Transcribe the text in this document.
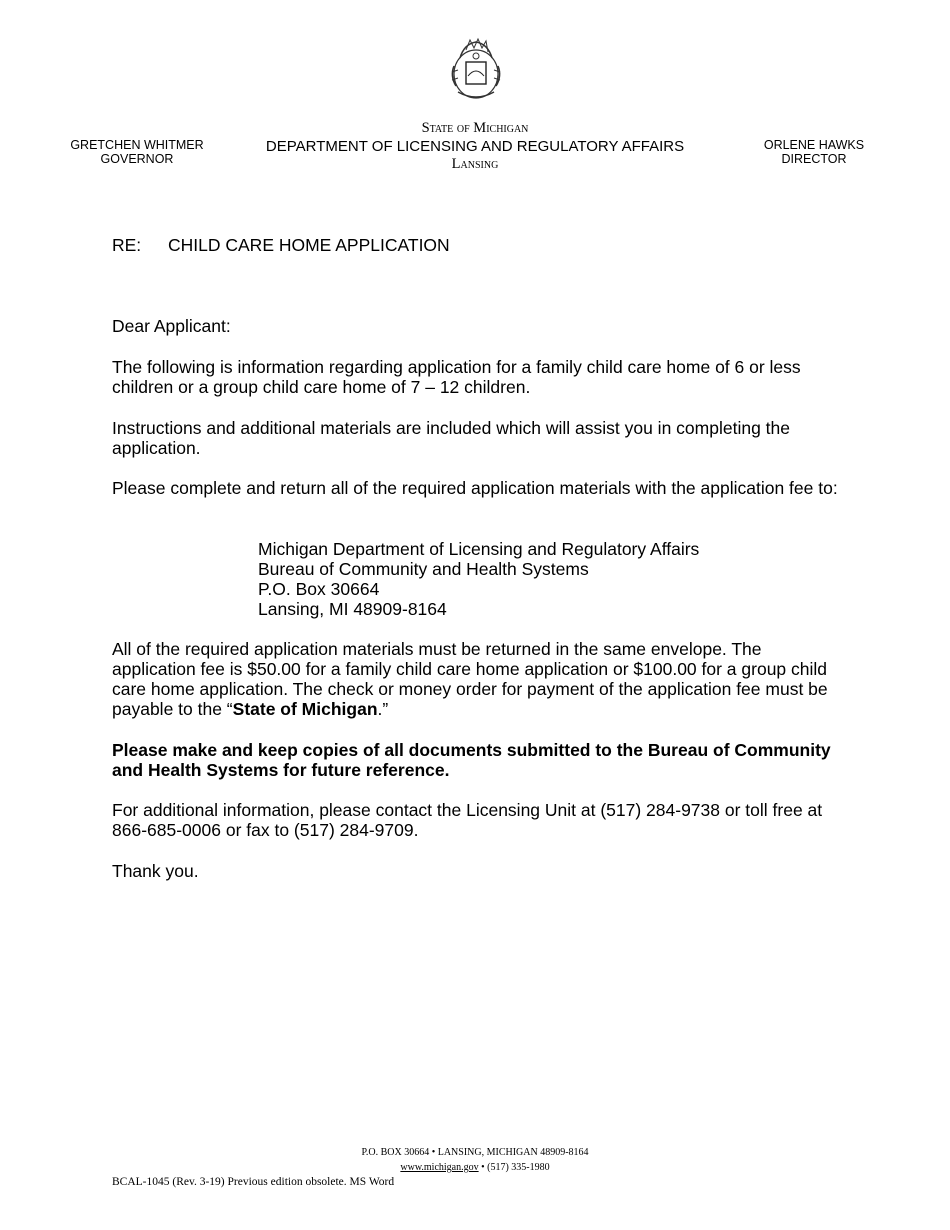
GRETCHEN WHITMER
GOVERNOR
State of Michigan
DEPARTMENT OF LICENSING AND REGULATORY AFFAIRS
Lansing
ORLENE HAWKS
DIRECTOR
RE: CHILD CARE HOME APPLICATION
Dear Applicant:
The following is information regarding application for a family child care home of 6 or less children or a group child care home of 7 – 12 children.
Instructions and additional materials are included which will assist you in completing the application.
Please complete and return all of the required application materials with the application fee to:
Michigan Department of Licensing and Regulatory Affairs
Bureau of Community and Health Systems
P.O. Box 30664
Lansing, MI 48909-8164
All of the required application materials must be returned in the same envelope. The application fee is $50.00 for a family child care home application or $100.00 for a group child care home application. The check or money order for payment of the application fee must be payable to the “State of Michigan.”
Please make and keep copies of all documents submitted to the Bureau of Community and Health Systems for future reference.
For additional information, please contact the Licensing Unit at (517) 284-9738 or toll free at 866-685-0006 or fax to (517) 284-9709.
Thank you.
P.O. BOX 30664 • LANSING, MICHIGAN 48909-8164
www.michigan.gov • (517) 335-1980
BCAL-1045 (Rev. 3-19) Previous edition obsolete. MS Word
